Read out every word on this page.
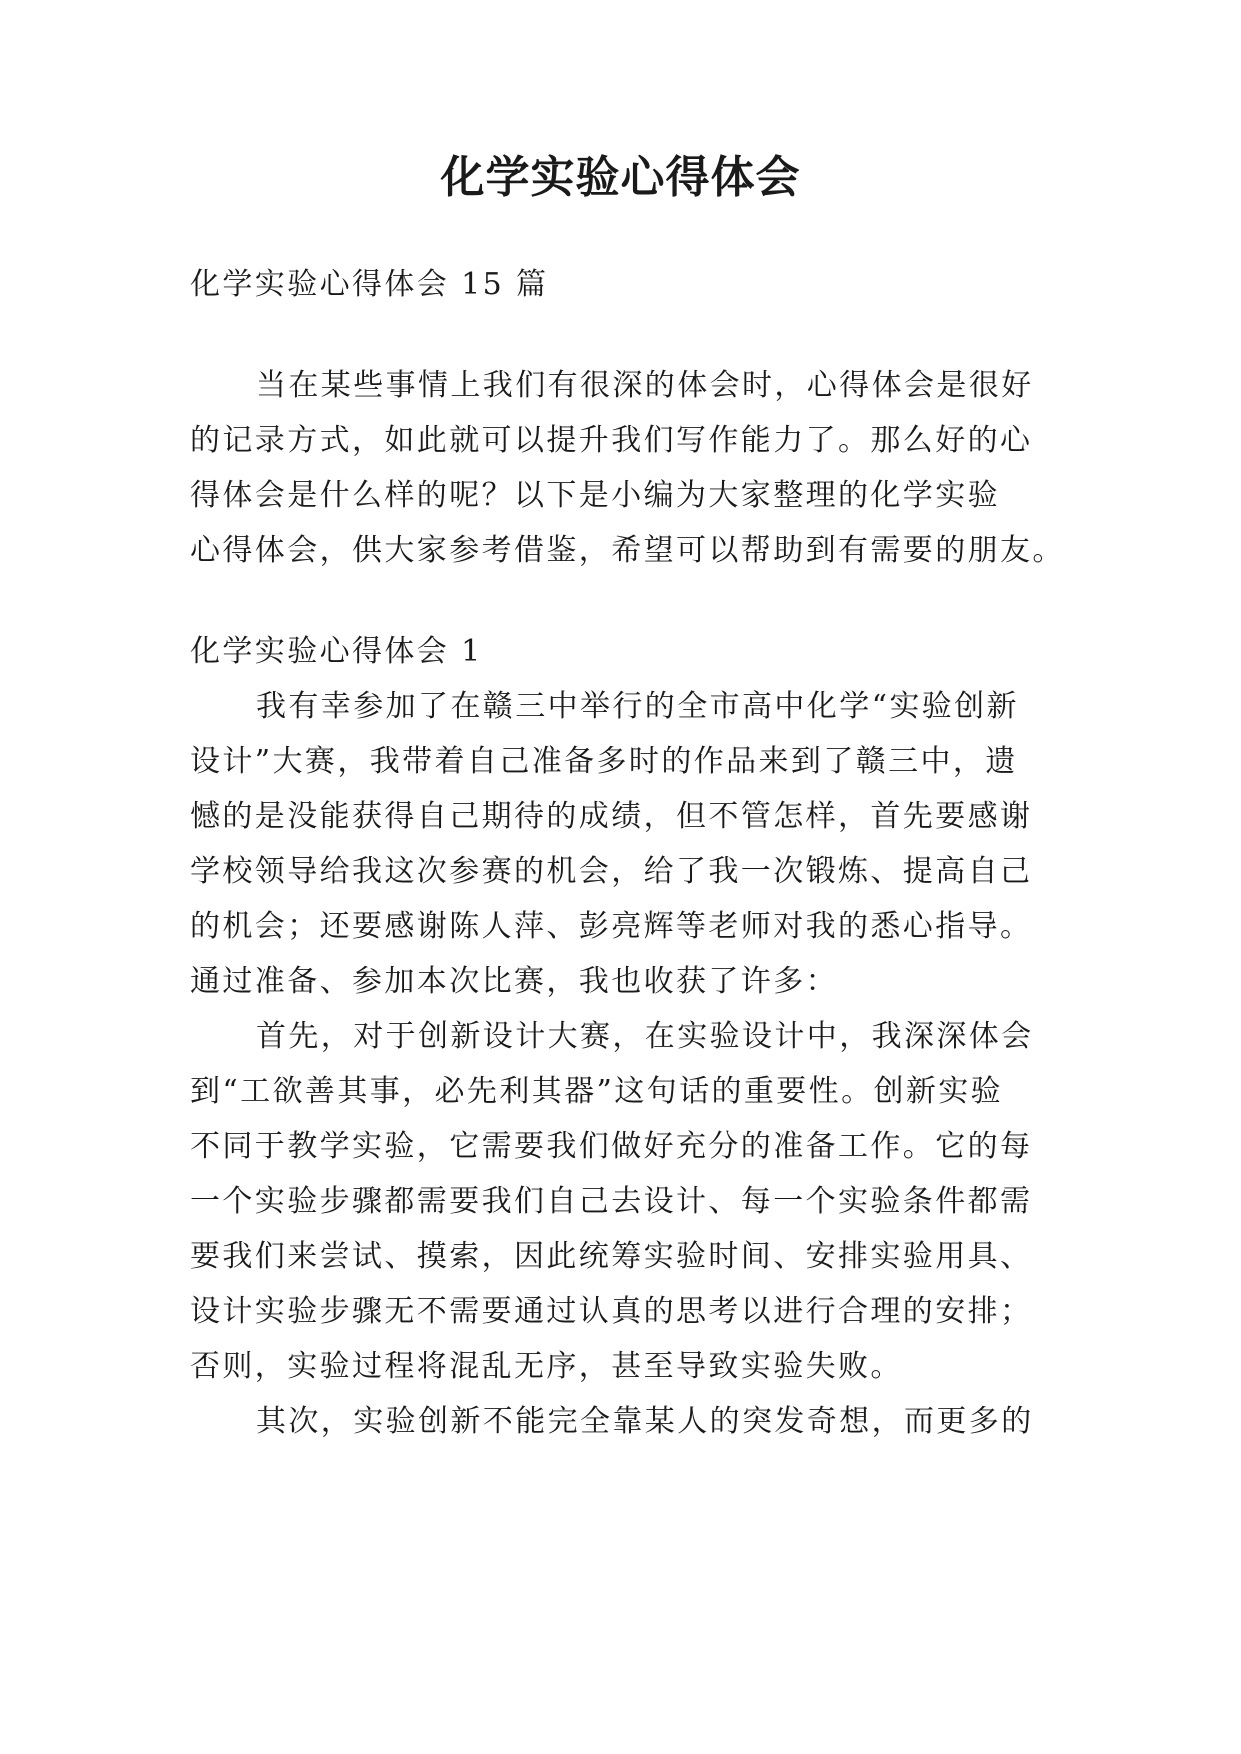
化学实验心得体会

化学实验心得体会 15 篇

当在某些事情上我们有很深的体会时，心得体会是很好

的记录方式，如此就可以提升我们写作能力了。那么好的心

得体会是什么样的呢？以下是小编为大家整理的化学实验

心得体会，供大家参考借鉴，希望可以帮助到有需要的朋友。

化学实验心得体会 1

我有幸参加了在赣三中举行的全市高中化学“实验创新

设计”大赛，我带着自己准备多时的作品来到了赣三中，遗

憾的是没能获得自己期待的成绩，但不管怎样，首先要感谢

学校领导给我这次参赛的机会，给了我一次锻炼、提高自己

的机会；还要感谢陈人萍、彭亮辉等老师对我的悉心指导。

通过准备、参加本次比赛，我也收获了许多：

首先，对于创新设计大赛，在实验设计中，我深深体会

到“工欲善其事，必先利其器”这句话的重要性。创新实验

不同于教学实验，它需要我们做好充分的准备工作。它的每

一个实验步骤都需要我们自己去设计、每一个实验条件都需

要我们来尝试、摸索，因此统筹实验时间、安排实验用具、

设计实验步骤无不需要通过认真的思考以进行合理的安排；

否则，实验过程将混乱无序，甚至导致实验失败。

其次，实验创新不能完全靠某人的突发奇想，而更多的
